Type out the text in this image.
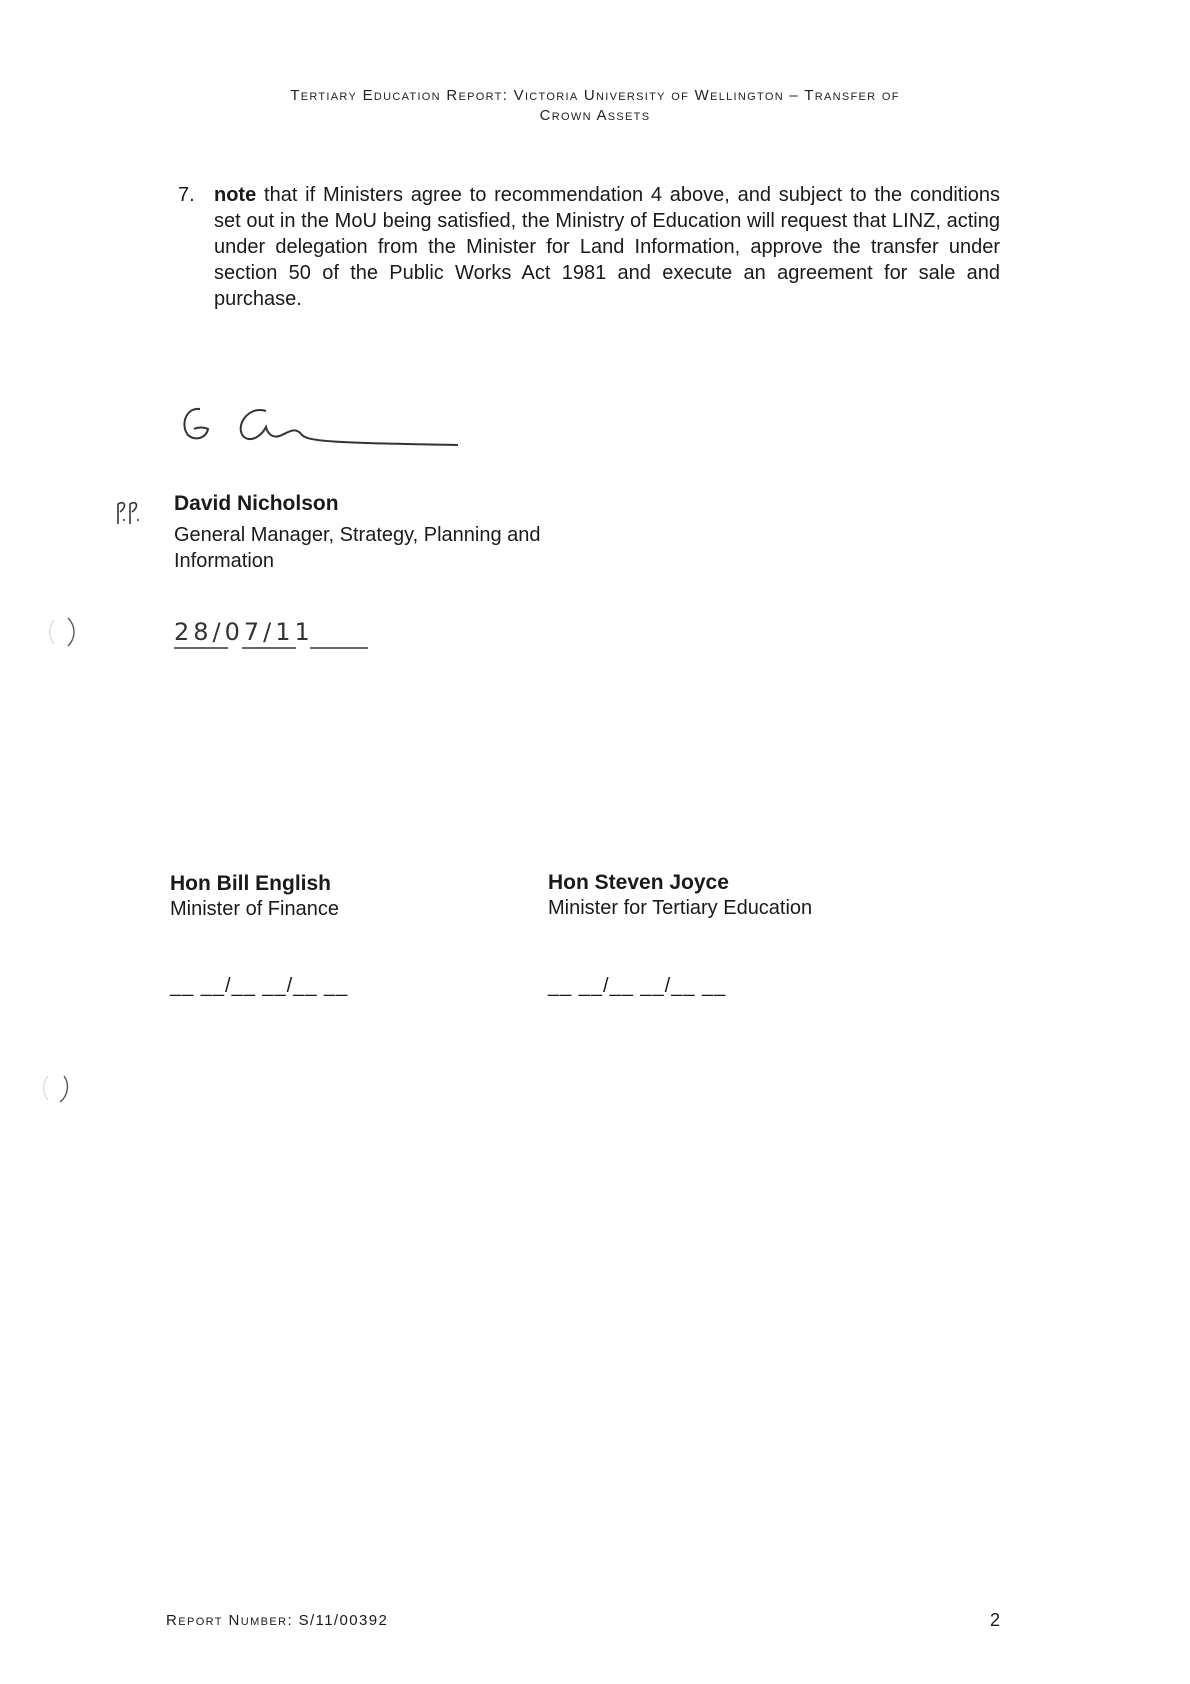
Tertiary Education Report: Victoria University of Wellington – Transfer of
Crown Assets
7. note that if Ministers agree to recommendation 4 above, and subject to the conditions set out in the MoU being satisfied, the Ministry of Education will request that LINZ, acting under delegation from the Minister for Land Information, approve the transfer under section 50 of the Public Works Act 1981 and execute an agreement for sale and purchase.
David Nicholson
General Manager, Strategy, Planning and Information
28/07/11
Hon Bill English
Minister of Finance
Hon Steven Joyce
Minister for Tertiary Education
__ __/__ __/__ __	__ __/__ __/__ __
Report Number: S/11/00392	2
